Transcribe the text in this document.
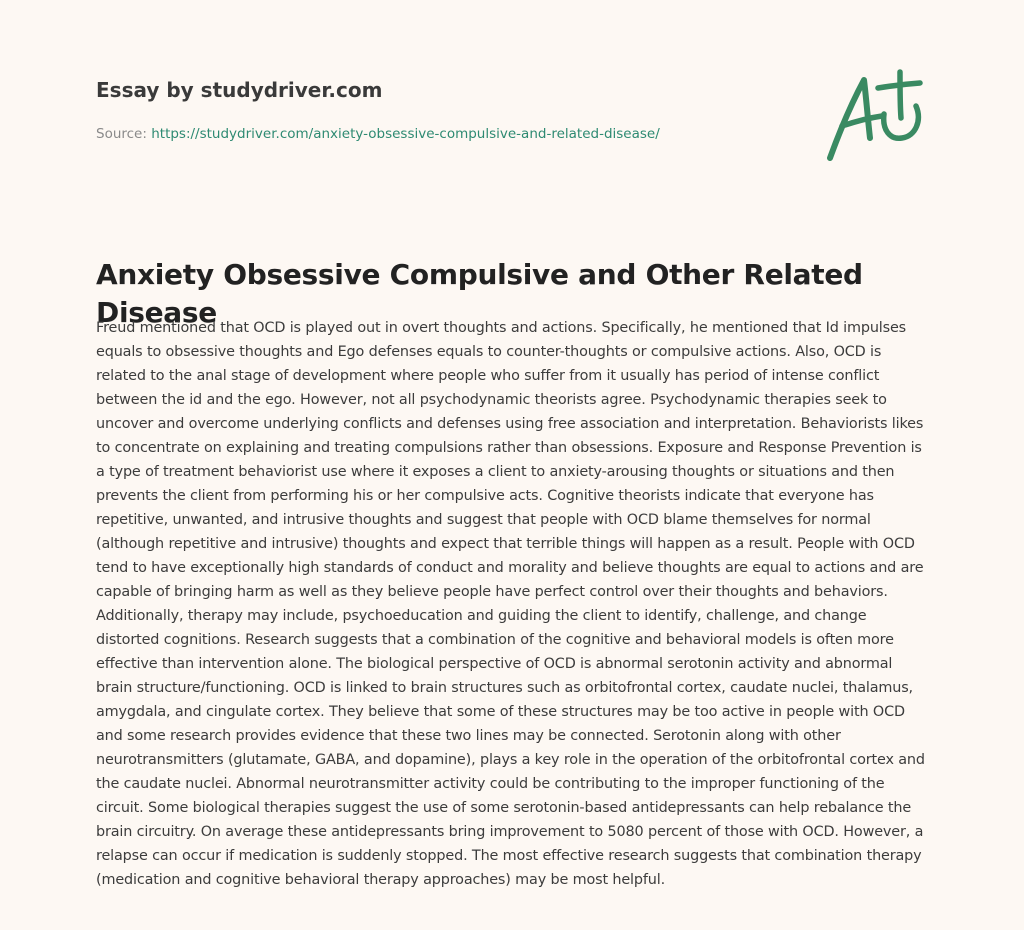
Essay by studydriver.com
Source: https://studydriver.com/anxiety-obsessive-compulsive-and-related-disease/
Anxiety Obsessive Compulsive and Other Related Disease

Freud mentioned that OCD is played out in overt thoughts and actions. Specifically, he mentioned that Id impulses equals to obsessive thoughts and Ego defenses equals to counter-thoughts or compulsive actions. Also, OCD is related to the anal stage of development where people who suffer from it usually has period of intense conflict between the id and the ego. However, not all psychodynamic theorists agree. Psychodynamic therapies seek to uncover and overcome underlying conflicts and defenses using free association and interpretation. Behaviorists likes to concentrate on explaining and treating compulsions rather than obsessions. Exposure and Response Prevention is a type of treatment behaviorist use where it exposes a client to anxiety-arousing thoughts or situations and then prevents the client from performing his or her compulsive acts. Cognitive theorists indicate that everyone has repetitive, unwanted, and intrusive thoughts and suggest that people with OCD blame themselves for normal (although repetitive and intrusive) thoughts and expect that terrible things will happen as a result. People with OCD tend to have exceptionally high standards of conduct and morality and believe thoughts are equal to actions and are capable of bringing harm as well as they believe people have perfect control over their thoughts and behaviors. Additionally, therapy may include, psychoeducation and guiding the client to identify, challenge, and change distorted cognitions. Research suggests that a combination of the cognitive and behavioral models is often more effective than intervention alone. The biological perspective of OCD is abnormal serotonin activity and abnormal brain structure/functioning. OCD is linked to brain structures such as orbitofrontal cortex, caudate nuclei, thalamus, amygdala, and cingulate cortex. They believe that some of these structures may be too active in people with OCD and some research provides evidence that these two lines may be connected. Serotonin along with other neurotransmitters (glutamate, GABA, and dopamine), plays a key role in the operation of the orbitofrontal cortex and the caudate nuclei. Abnormal neurotransmitter activity could be contributing to the improper functioning of the circuit. Some biological therapies suggest the use of some serotonin-based antidepressants can help rebalance the brain circuitry. On average these antidepressants bring improvement to 5080 percent of those with OCD. However, a relapse can occur if medication is suddenly stopped. The most effective research suggests that combination therapy (medication and cognitive behavioral therapy approaches) may be most helpful.
